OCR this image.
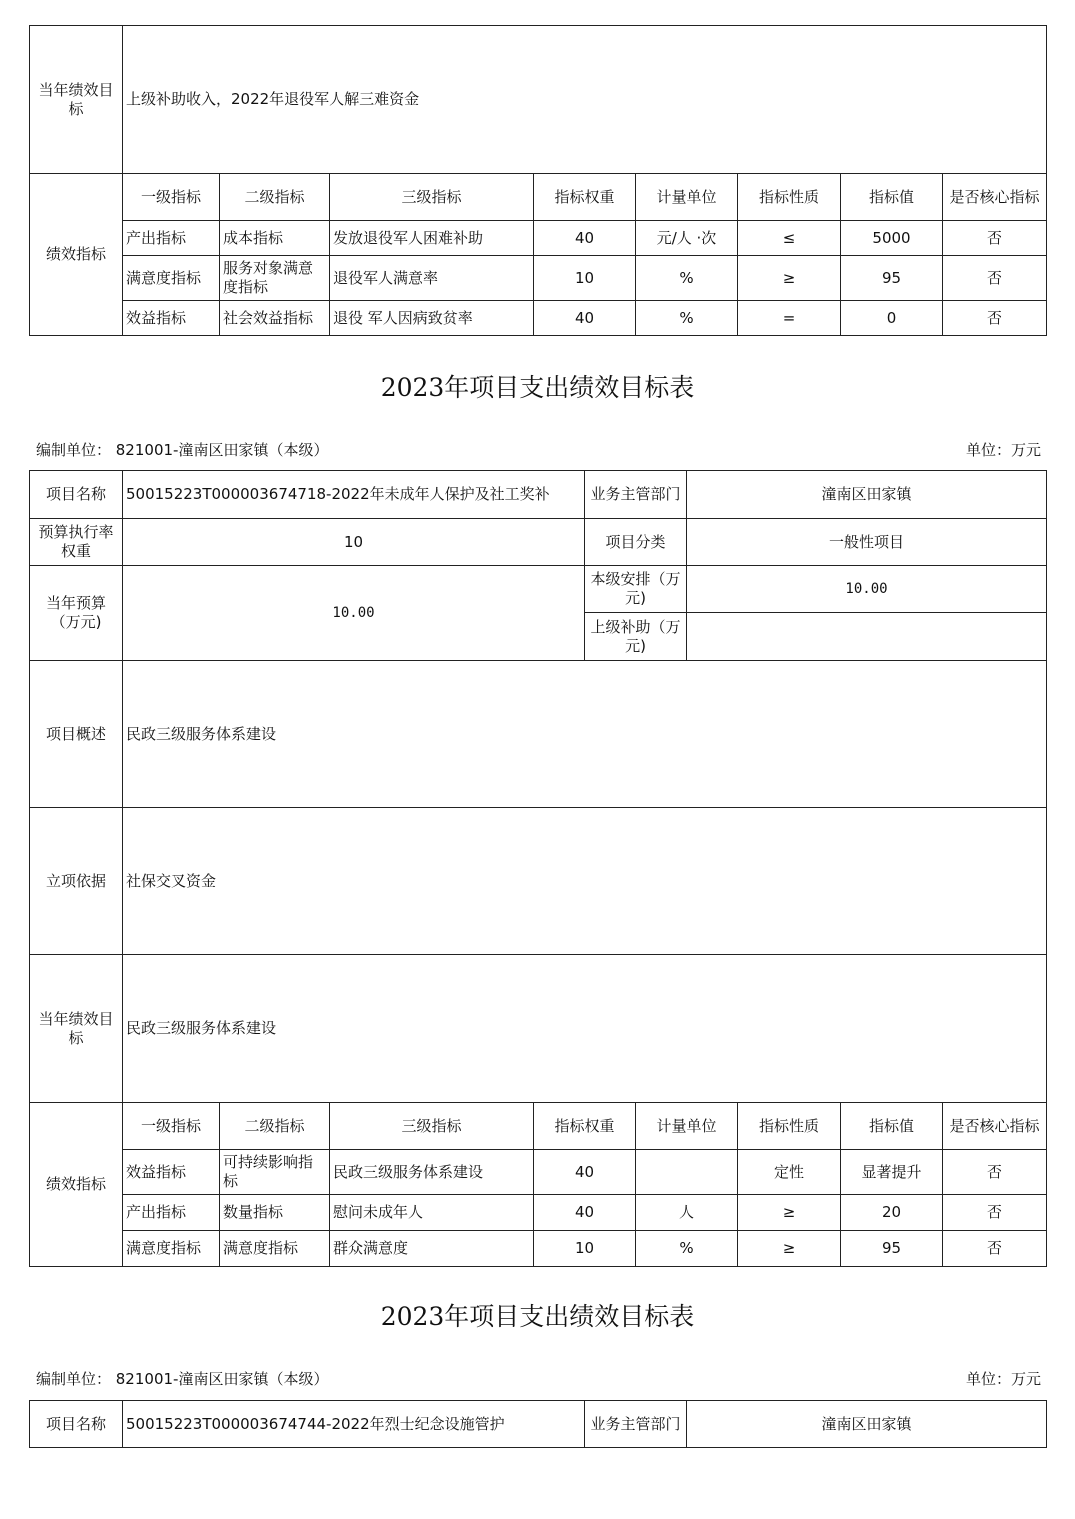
当年绩效目标	上级补助收入，2022年退役军人解三难资金							
绩效指标	一级指标	二级指标	三级指标	指标权重	计量单位	指标性质	指标值	是否核心指标
	产出指标	成本指标	发放退役军人困难补助	40	元/人 ·次	≤	5000	否
	满意度指标	服务对象满意度指标	退役军人满意率	10	%	≥	95	否
	效益指标	社会效益指标	退役 军人因病致贫率	40	%	=	0	否
2023年项目支出绩效目标表
编制单位： 821001-潼南区田家镇（本级）	单位：万元
项目名称	50015223T000003674718-2022年未成年人保护及社工奖补	业务主管部门	潼南区田家镇
预算执行率权重	10	项目分类	一般性项目
当年预算（万元)	10.00	本级安排（万元)	10.00
		上级补助（万元)	
项目概述	民政三级服务体系建设							
立项依据	社保交叉资金							
当年绩效目标	民政三级服务体系建设							
绩效指标	一级指标	二级指标	三级指标	指标权重	计量单位	指标性质	指标值	是否核心指标
	效益指标	可持续影响指标	民政三级服务体系建设	40		定性	显著提升	否
	产出指标	数量指标	慰问未成年人	40	人	≥	20	否
	满意度指标	满意度指标	群众满意度	10	%	≥	95	否
2023年项目支出绩效目标表
编制单位： 821001-潼南区田家镇（本级）	单位：万元
项目名称	50015223T000003674744-2022年烈士纪念设施管护	业务主管部门	潼南区田家镇
